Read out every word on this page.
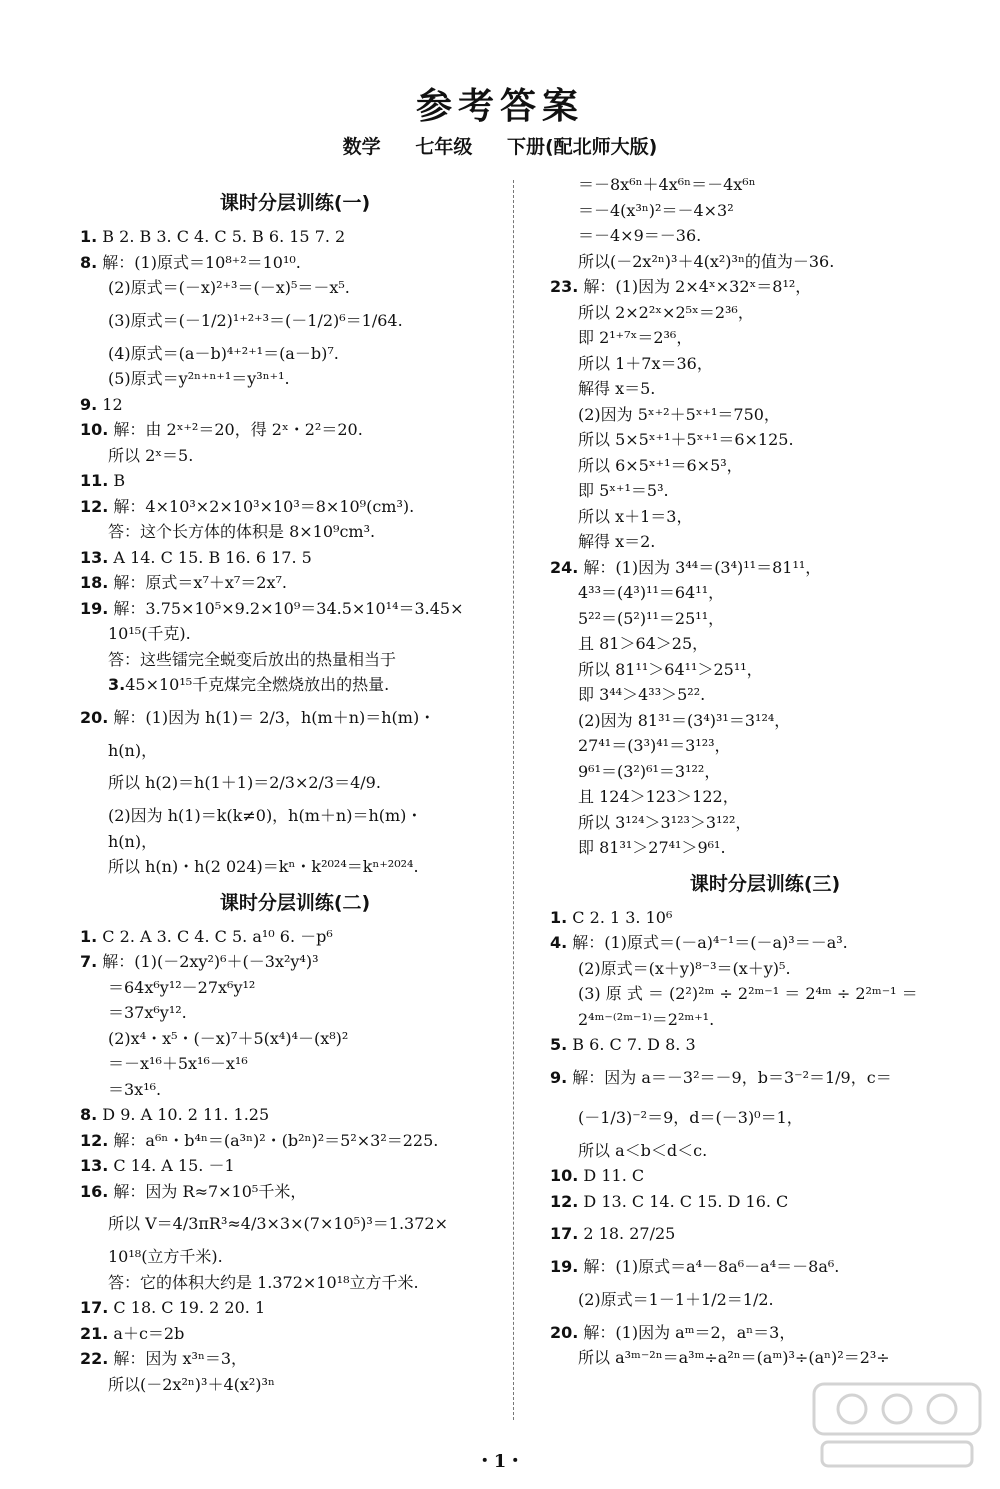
参考答案
数学 七年级 下册(配北师大版)
课时分层训练(一)
1. B 2. B 3. C 4. C 5. B 6. 15 7. 2
8. 解：(1)原式＝10⁸⁺²＝10¹⁰.
(2)原式＝(－x)²⁺³＝(－x)⁵＝－x⁵.
(3)原式＝(－1/2)¹⁺²⁺³＝(－1/2)⁶＝1/64.
(4)原式＝(a－b)⁴⁺²⁺¹＝(a－b)⁷.
(5)原式＝y²ⁿ⁺ⁿ⁺¹＝y³ⁿ⁺¹.
9. 12
10. 解：由 2ˣ⁺²＝20，得 2ˣ・2²＝20.
所以 2ˣ＝5.
11. B
12. 解：4×10³×2×10³×10³＝8×10⁹(cm³).
答：这个长方体的体积是 8×10⁹cm³.
13. A 14. C 15. B 16. 6 17. 5
18. 解：原式＝x⁷＋x⁷＝2x⁷.
19. 解：3.75×10⁵×9.2×10⁹＝34.5×10¹⁴＝3.45×
10¹⁵(千克).
答：这些镭完全蜕变后放出的热量相当于
3.45×10¹⁵千克煤完全燃烧放出的热量.
20. 解：(1)因为 h(1)＝ 2/3，h(m＋n)＝h(m)・
h(n)，
所以 h(2)＝h(1＋1)＝2/3×2/3＝4/9.
(2)因为 h(1)＝k(k≠0)，h(m＋n)＝h(m)・
h(n)，
所以 h(n)・h(2 024)＝kⁿ・k²⁰²⁴＝kⁿ⁺²⁰²⁴.
课时分层训练(二)
1. C 2. A 3. C 4. C 5. a¹⁰ 6. －p⁶
7. 解：(1)(－2xy²)⁶＋(－3x²y⁴)³
＝64x⁶y¹²－27x⁶y¹²
＝37x⁶y¹².
(2)x⁴・x⁵・(－x)⁷＋5(x⁴)⁴－(x⁸)²
＝－x¹⁶＋5x¹⁶－x¹⁶
＝3x¹⁶.
8. D 9. A 10. 2 11. 1.25
12. 解：a⁶ⁿ・b⁴ⁿ＝(a³ⁿ)²・(b²ⁿ)²＝5²×3²＝225.
13. C 14. A 15. －1
16. 解：因为 R≈7×10⁵千米，
所以 V＝4/3πR³≈4/3×3×(7×10⁵)³＝1.372×
10¹⁸(立方千米).
答：它的体积大约是 1.372×10¹⁸立方千米.
17. C 18. C 19. 2 20. 1
21. a＋c＝2b
22. 解：因为 x³ⁿ＝3，
所以(－2x²ⁿ)³＋4(x²)³ⁿ
＝－8x⁶ⁿ＋4x⁶ⁿ＝－4x⁶ⁿ
＝－4(x³ⁿ)²＝－4×3²
＝－4×9＝－36.
所以(－2x²ⁿ)³＋4(x²)³ⁿ的值为－36.
23. 解：(1)因为 2×4ˣ×32ˣ＝8¹²，
所以 2×2²ˣ×2⁵ˣ＝2³⁶，
即 2¹⁺⁷ˣ＝2³⁶，
所以 1＋7x＝36，
解得 x＝5.
(2)因为 5ˣ⁺²＋5ˣ⁺¹＝750，
所以 5×5ˣ⁺¹＋5ˣ⁺¹＝6×125.
所以 6×5ˣ⁺¹＝6×5³，
即 5ˣ⁺¹＝5³.
所以 x＋1＝3，
解得 x＝2.
24. 解：(1)因为 3⁴⁴＝(3⁴)¹¹＝81¹¹，
4³³＝(4³)¹¹＝64¹¹，
5²²＝(5²)¹¹＝25¹¹，
且 81＞64＞25，
所以 81¹¹＞64¹¹＞25¹¹，
即 3⁴⁴＞4³³＞5²².
(2)因为 81³¹＝(3⁴)³¹＝3¹²⁴，
27⁴¹＝(3³)⁴¹＝3¹²³，
9⁶¹＝(3²)⁶¹＝3¹²²，
且 124＞123＞122，
所以 3¹²⁴＞3¹²³＞3¹²²，
即 81³¹＞27⁴¹＞9⁶¹.
课时分层训练(三)
1. C 2. 1 3. 10⁶
4. 解：(1)原式＝(－a)⁴⁻¹＝(－a)³＝－a³.
(2)原式＝(x＋y)⁸⁻³＝(x＋y)⁵.
(3) 原 式 ＝ (2²)²ᵐ ÷ 2²ᵐ⁻¹ ＝ 2⁴ᵐ ÷ 2²ᵐ⁻¹ ＝
2⁴ᵐ⁻⁽²ᵐ⁻¹⁾＝2²ᵐ⁺¹.
5. B 6. C 7. D 8. 3
9. 解：因为 a＝－3²＝－9，b＝3⁻²＝1/9，c＝
(－1/3)⁻²＝9，d＝(－3)⁰＝1，
所以 a＜b＜d＜c.
10. D 11. C
12. D 13. C 14. C 15. D 16. C
17. 2 18. 27/25
19. 解：(1)原式＝a⁴－8a⁶－a⁴＝－8a⁶.
(2)原式＝1－1＋1/2＝1/2.
20. 解：(1)因为 aᵐ＝2，aⁿ＝3，
所以 a³ᵐ⁻²ⁿ＝a³ᵐ÷a²ⁿ＝(aᵐ)³÷(aⁿ)²＝2³÷
・1・
